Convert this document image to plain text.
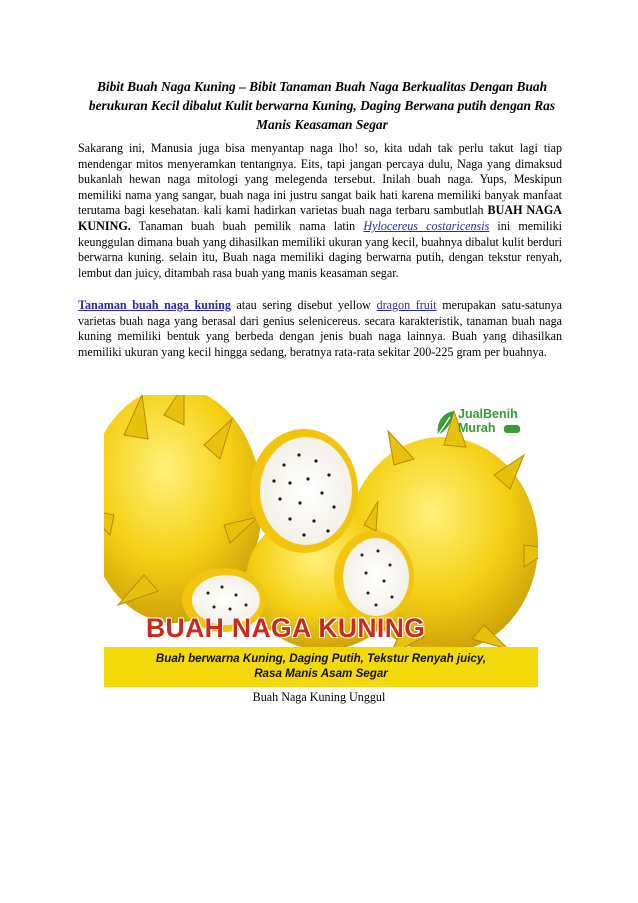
Bibit Buah Naga Kuning – Bibit Tanaman Buah Naga Berkualitas Dengan Buah berukuran Kecil dibalut Kulit berwarna Kuning, Daging Berwana putih dengan Ras Manis Keasaman Segar

Sakarang ini, Manusia juga bisa menyantap naga lho! so, kita udah tak perlu takut lagi tiap mendengar mitos menyeramkan tentangnya. Eits, tapi jangan percaya dulu, Naga yang dimaksud bukanlah hewan naga mitologi yang melegenda tersebut. Inilah buah naga. Yups, Meskipun memiliki nama yang sangar, buah naga ini justru sangat baik hati karena memiliki banyak manfaat terutama bagi kesehatan. kali kami hadirkan varietas buah naga terbaru sambutlah BUAH NAGA KUNING. Tanaman buah buah pemilik nama latin Hylocereus costaricensis ini memiliki keunggulan dimana buah yang dihasilkan memiliki ukuran yang kecil, buahnya dibalut kulit berduri berwarna kuning. selain itu, Buah naga memiliki daging berwarna putih, dengan tekstur renyah, lembut dan juicy, ditambah rasa buah yang manis keasaman segar.

Tanaman buah naga kuning atau sering disebut yellow dragon fruit merupakan satu-satunya varietas buah naga yang berasal dari genius selenicereus. secara karakteristik, tanaman buah naga kuning memiliki bentuk yang berbeda dengan jenis buah naga lainnya. Buah yang dihasilkan memiliki ukuran yang kecil hingga sedang, beratnya rata-rata sekitar 200-225 gram per buahnya.

JualBenih
Murah
BUAH NAGA KUNING
Buah berwarna Kuning, Daging Putih, Tekstur Renyah juicy,
Rasa Manis Asam Segar
Buah Naga Kuning Unggul
